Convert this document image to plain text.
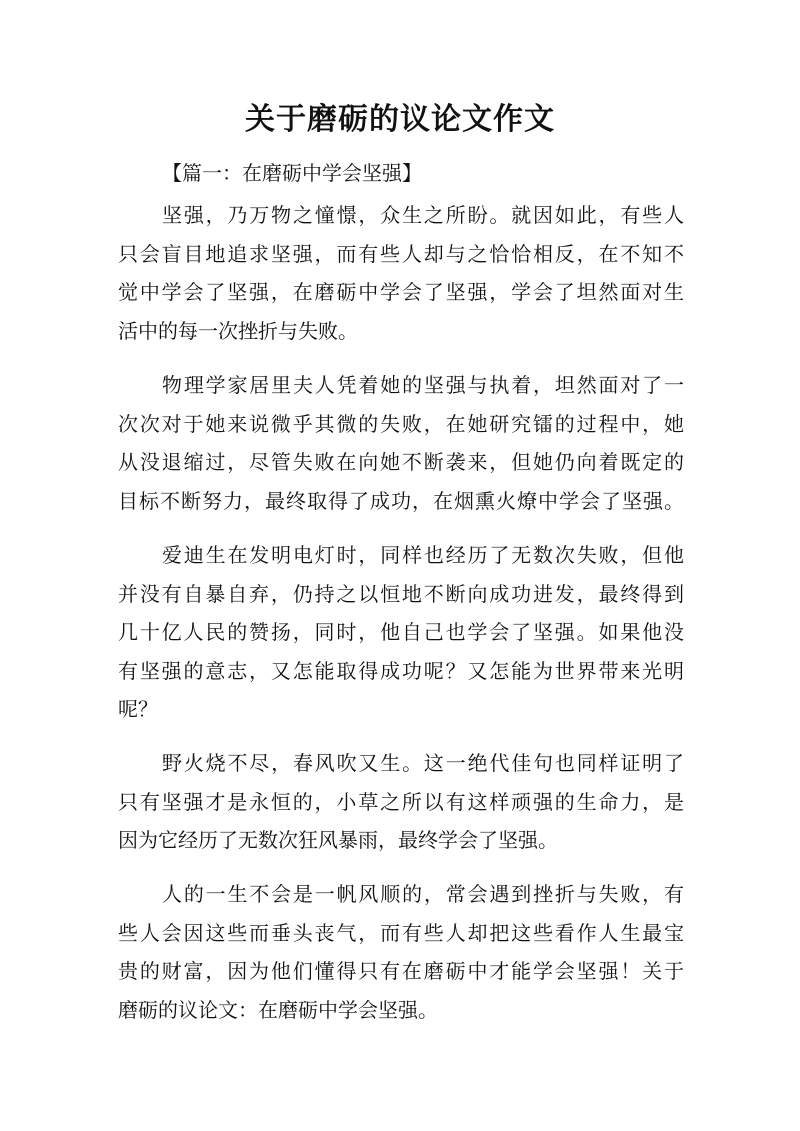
关于磨砺的议论文作文
【篇一：在磨砺中学会坚强】
坚强，乃万物之憧憬，众生之所盼。就因如此，有些人
只会盲目地追求坚强，而有些人却与之恰恰相反，在不知不
觉中学会了坚强，在磨砺中学会了坚强，学会了坦然面对生
活中的每一次挫折与失败。
物理学家居里夫人凭着她的坚强与执着，坦然面对了一
次次对于她来说微乎其微的失败，在她研究镭的过程中，她
从没退缩过，尽管失败在向她不断袭来，但她仍向着既定的
目标不断努力，最终取得了成功，在烟熏火燎中学会了坚强。
爱迪生在发明电灯时，同样也经历了无数次失败，但他
并没有自暴自弃，仍持之以恒地不断向成功进发，最终得到
几十亿人民的赞扬，同时，他自己也学会了坚强。如果他没
有坚强的意志，又怎能取得成功呢？又怎能为世界带来光明
呢？
野火烧不尽，春风吹又生。这一绝代佳句也同样证明了
只有坚强才是永恒的，小草之所以有这样顽强的生命力，是
因为它经历了无数次狂风暴雨，最终学会了坚强。
人的一生不会是一帆风顺的，常会遇到挫折与失败，有
些人会因这些而垂头丧气，而有些人却把这些看作人生最宝
贵的财富，因为他们懂得只有在磨砺中才能学会坚强！关于
磨砺的议论文：在磨砺中学会坚强。
